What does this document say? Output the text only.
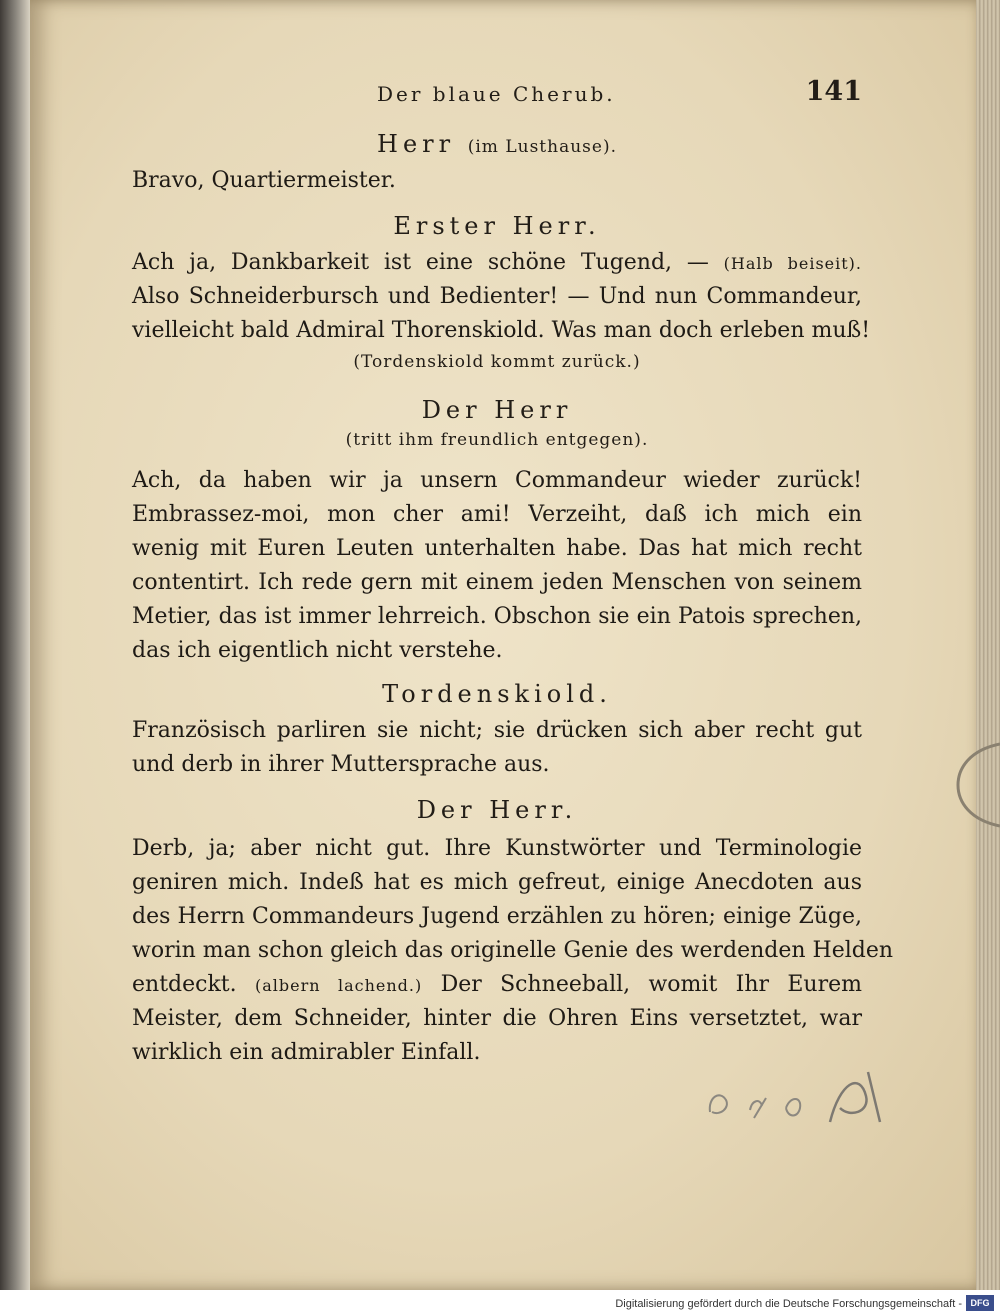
Der blaue Cherub.	141
Herr (im Lusthause).
Bravo, Quartiermeister.
Erster Herr.
Ach ja, Dankbarkeit ist eine schöne Tugend, — (Halb beiseit).
Also Schneiderbursch und Bedienter! — Und nun Commandeur,
vielleicht bald Admiral Thorenskiold. Was man doch erleben muß!
(Tordenskiold kommt zurück.)
Der Herr
(tritt ihm freundlich entgegen).
Ach, da haben wir ja unsern Commandeur wieder zurück!
Embrassez-moi, mon cher ami! Verzeiht, daß ich mich ein
wenig mit Euren Leuten unterhalten habe. Das hat mich recht
contentirt. Ich rede gern mit einem jeden Menschen von seinem
Metier, das ist immer lehrreich. Obschon sie ein Patois sprechen,
das ich eigentlich nicht verstehe.
Tordenskiold.
Französisch parliren sie nicht; sie drücken sich aber recht gut
und derb in ihrer Muttersprache aus.
Der Herr.
Derb, ja; aber nicht gut. Ihre Kunstwörter und Terminologie
geniren mich. Indeß hat es mich gefreut, einige Anecdoten aus
des Herrn Commandeurs Jugend erzählen zu hören; einige Züge,
worin man schon gleich das originelle Genie des werdenden Helden
entdeckt. (albern lachend.) Der Schneeball, womit Ihr Eurem
Meister, dem Schneider, hinter die Ohren Eins versetztet, war
wirklich ein admirabler Einfall.
Digitalisierung gefördert durch die Deutsche Forschungsgemeinschaft - DFG
